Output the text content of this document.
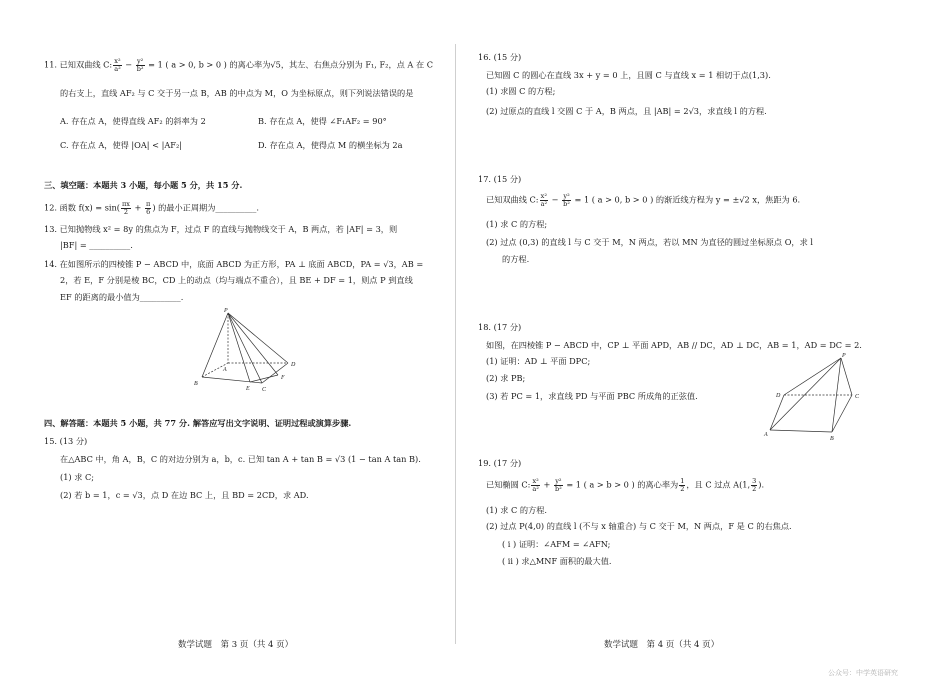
11. 已知双曲线 C: $\frac{\text{x²}}{\text{a²}} - \frac{\text{y²}}{\text{b²}} = 1$ ( a > 0, b > 0 ) 的离心率为√5，其左、右焦点分别为 F₁, F₂，点 A 在 C
的右支上，直线 AF₂ 与 C 交于另一点 B，AB 的中点为 M，O 为坐标原点，则下列说法错误的是
A. 存在点 A，使得直线 AF₂ 的斜率为 2	B. 存在点 A，使得 ∠F₁AF₂ = 90°
C. 存在点 A，使得 |OA| < |AF₂|	D. 存在点 A，使得点 M 的横坐标为 2a
三、填空题：本题共 3 小题，每小题 5 分，共 15 分.
12. 函数 $f(x) = \sin( \frac{\pi x}{2} + \frac{\pi}{6}$ ) 的最小正周期为__________.
13. 已知抛物线 x² = 8y 的焦点为 F，过点 F 的直线与抛物线交于 A，B 两点，若 |AF| = 3，则
|BF| = __________.
14. 在如图所示的四棱锥 P − ABCD 中，底面 ABCD 为正方形，PA ⊥ 底面 ABCD，PA = √3，AB =
2，若 E，F 分别是棱 BC，CD 上的动点（均与端点不重合），且 BE + DF = 1，则点 P 到直线
EF 的距离的最小值为__________.
P
A
B
C
D
E
F
四、解答题：本题共 5 小题，共 77 分. 解答应写出文字说明、证明过程或演算步骤.
15. (13 分)
在△ABC 中，角 A，B，C 的对边分别为 a，b，c. 已知 tan A + tan B = √3 (1 − tan A tan B).
(1) 求 C;
(2) 若 b = 1，c = √3，点 D 在边 BC 上，且 BD = 2CD，求 AD.
数学试题　第 3 页（共 4 页）
16. (15 分)
已知圆 C 的圆心在直线 3x + y = 0 上，且圆 C 与直线 x = 1 相切于点(1,3).
(1) 求圆 C 的方程;
(2) 过原点的直线 l 交圆 C 于 A，B 两点，且 |AB| = 2√3，求直线 l 的方程.
17. (15 分)
已知双曲线 C: $\frac{\text{x²}}{\text{a²}} - \frac{\text{y²}}{\text{b²}} = 1$ ( a > 0, b > 0 ) 的渐近线方程为 y = ±√2 x，焦距为 6.
(1) 求 C 的方程;
(2) 过点 (0,3) 的直线 l 与 C 交于 M，N 两点，若以 MN 为直径的圆过坐标原点 O，求 l
的方程.
18. (17 分)
如图，在四棱锥 P − ABCD 中，CP ⊥ 平面 APD，AB // DC，AD ⊥ DC，AB = 1，AD = DC = 2.
(1) 证明：AD ⊥ 平面 DPC;
(2) 求 PB;
(3) 若 PC = 1，求直线 PD 与平面 PBC 所成角的正弦值.
P
A
B
C
D
19. (17 分)
已知椭圆 C: $\frac{\text{x²}}{\text{a²}} + \frac{\text{y²}}{\text{b²}} = 1$ ( a > b > 0 ) 的离心率为 $\frac{1}{2}$ ，且 C 过点 A(1, $\frac{3}{2}$ ).
(1) 求 C 的方程.
(2) 过点 P(4,0) 的直线 l (不与 x 轴重合) 与 C 交于 M，N 两点，F 是 C 的右焦点.
( ⅰ ) 证明：∠AFM = ∠AFN;
( ⅱ ) 求△MNF 面积的最大值.
数学试题　第 4 页（共 4 页）
公众号：中学英语研究
